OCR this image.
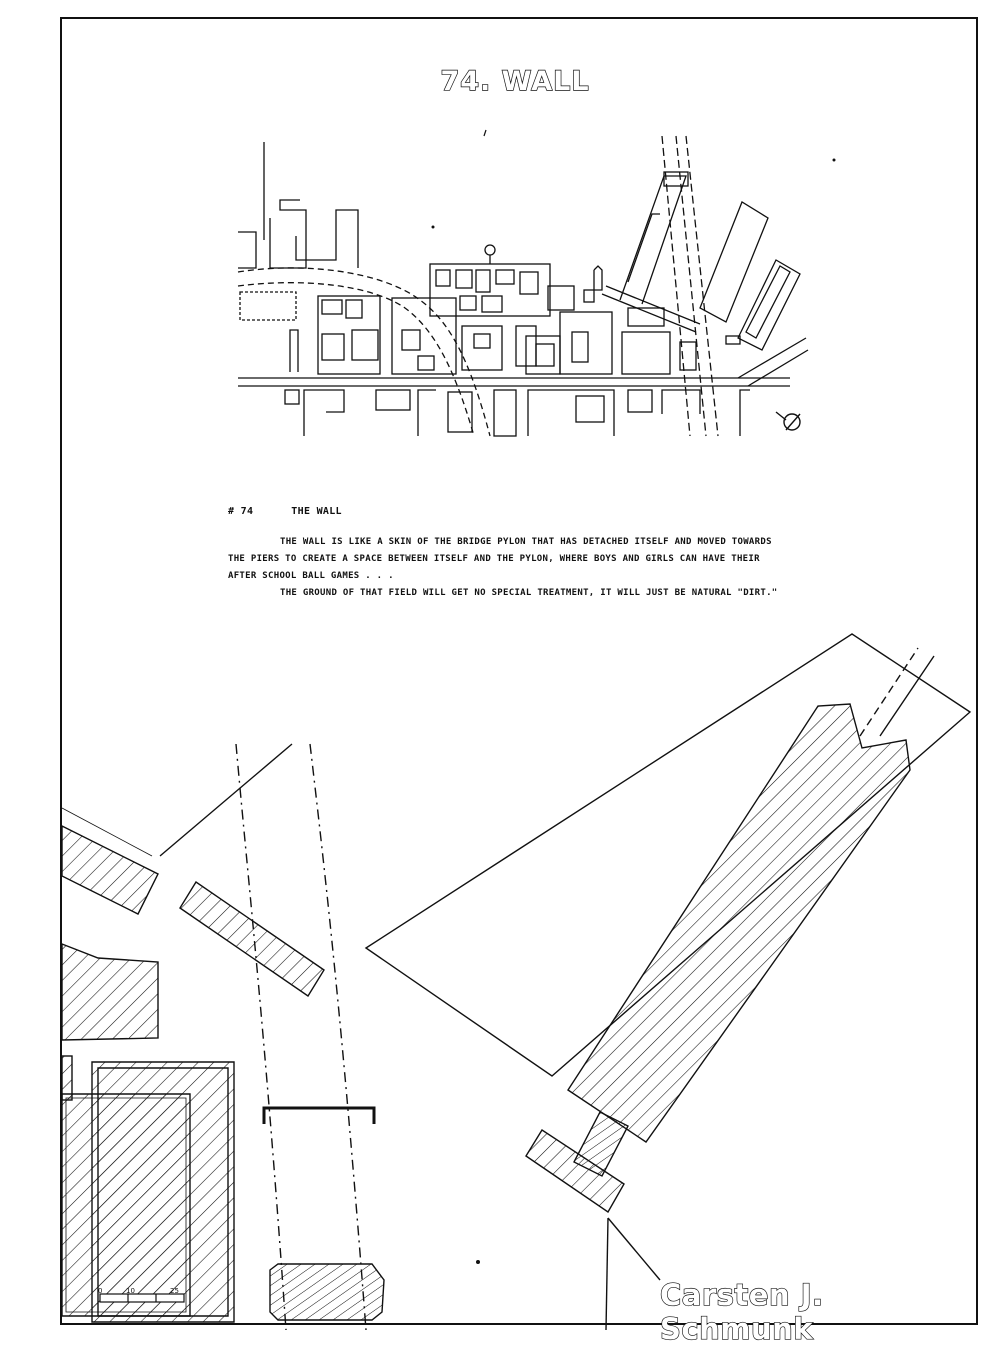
0	10	25
74. WALL
# 74	THE WALL

THE WALL IS LIKE A SKIN OF THE BRIDGE PYLON THAT HAS DETACHED ITSELF AND MOVED TOWARDS THE PIERS TO CREATE A SPACE BETWEEN ITSELF AND THE PYLON, WHERE BOYS AND GIRLS CAN HAVE THEIR AFTER SCHOOL BALL GAMES . . .

THE GROUND OF THAT FIELD WILL GET NO SPECIAL TREATMENT, IT WILL JUST BE NATURAL "DIRT."

Carsten J. Schmunk
